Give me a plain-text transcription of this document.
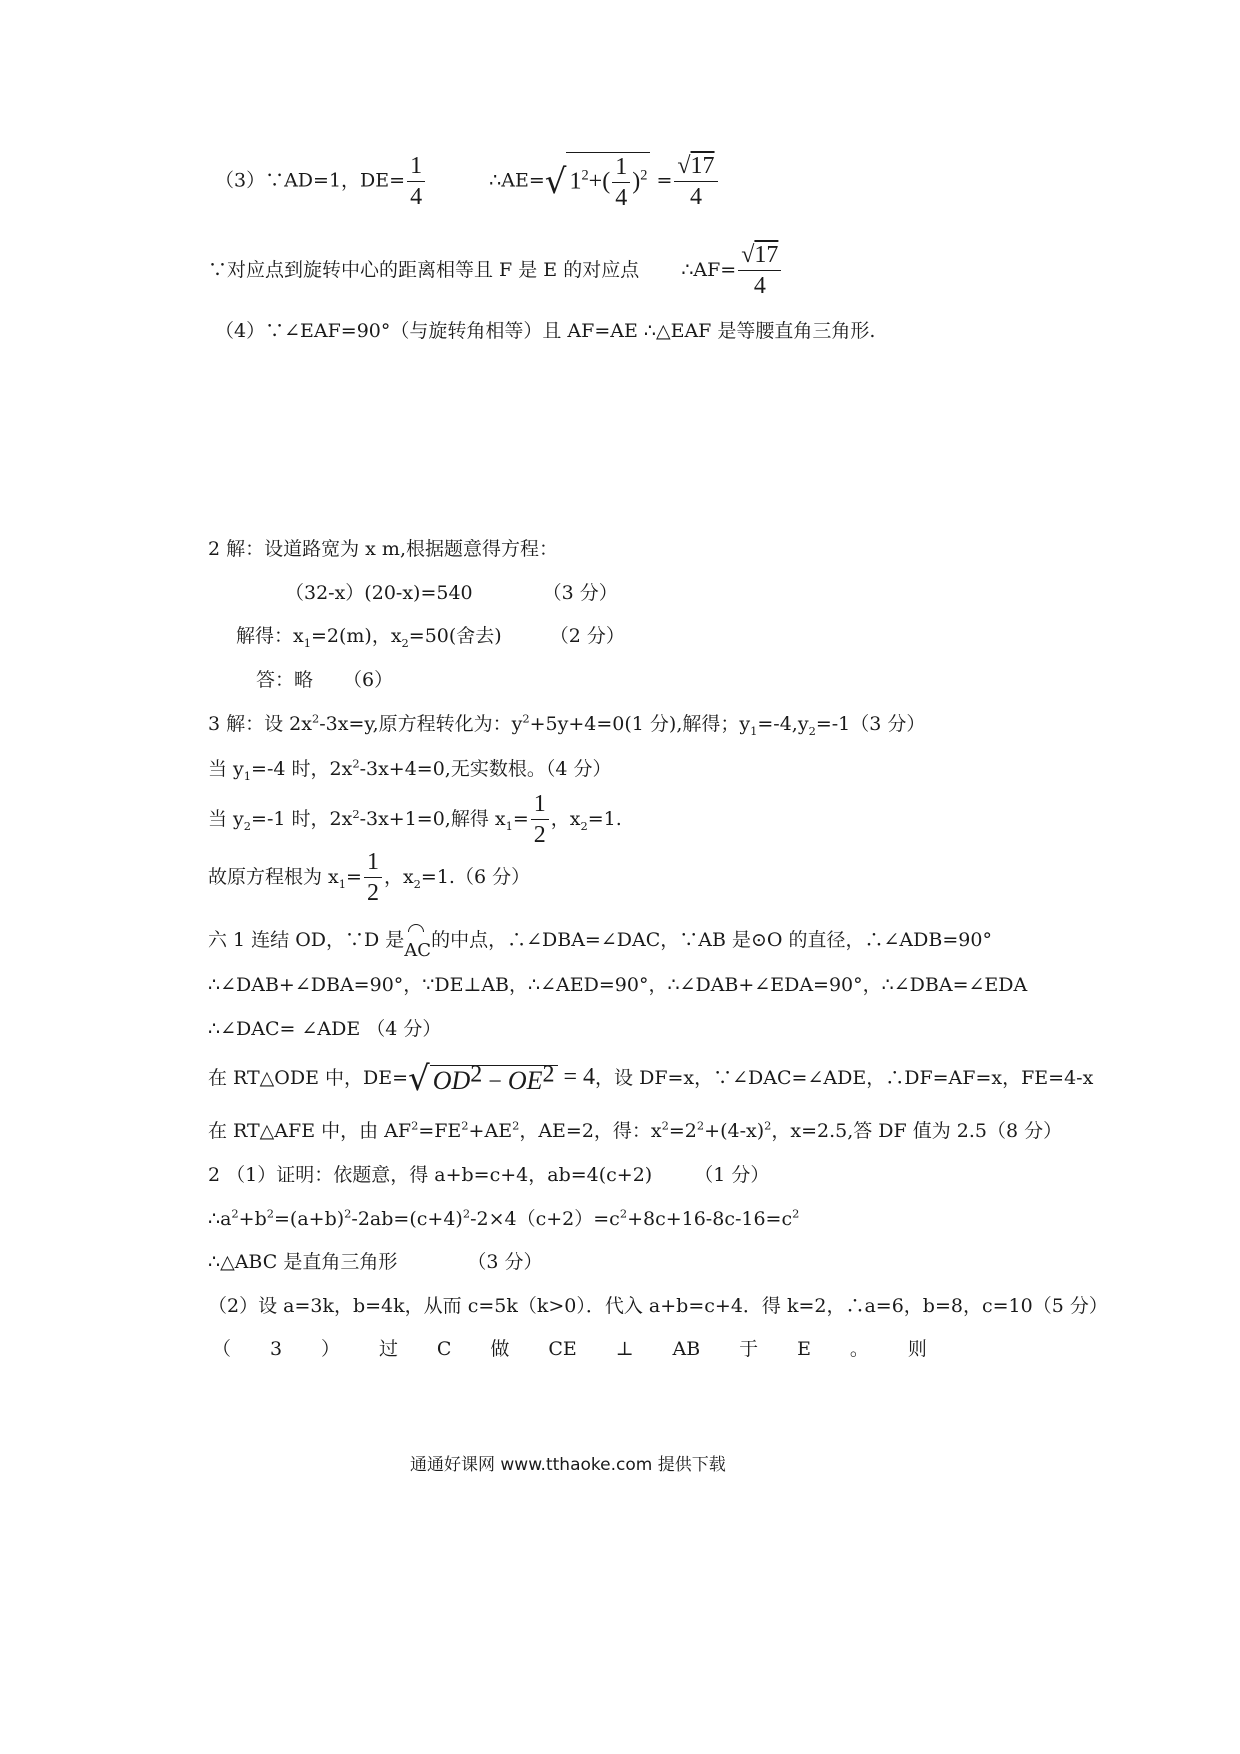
（3）∵AD=1，$DE= \frac{1}{4}$	∴AE=√ $1^2+( \frac{1}{4} )^2 = \frac{√17}{4}$
∵对应点到旋转中心的距离相等且 F 是 E 的对应点 ∴AF= $\frac{√17}{4}$
（4）∵∠EAF=90°（与旋转角相等）且 AF=AE ∴△EAF 是等腰直角三角形.
2 解：设道路宽为 x m,根据题意得方程：
（32-x）(20-x)=540	（3 分）
解得：$x_1=2(m)$，$x_2=50$(舍去)	（2 分）
答：略 （6）
3 解：设 $2x^2-3x=y$,原方程转化为：$y^2+5y+4=0(1$ 分),解得；$y_1=-4,y_2=-1(3$ 分）
当 $y_1=-4$ 时，$2x^2-3x+4=0$,无实数根。（4 分）
当 $y_2=-1$ 时，$2x^2-3x+1=0$,解得 $x_1= \frac{1}{2}$ ，$x_2=1$.
故原方程根为 $x_1= \frac{1}{2}$ ，$x_2=1.(6$ 分）
六 1 连结 OD，∵D 是AC的中点，∴∠DBA=∠DAC，∵AB 是⊙O 的直径，∴∠ADB=90°
∴∠DAB+∠DBA=90°，∵DE⊥AB，∴∠AED=90°，∴∠DAB+∠EDA=90°，∴∠DBA=∠EDA
∴∠DAC= ∠ADE （4 分）
在 RT△ODE 中，DE=√ $OD^2 - OE^2 = 4$，设 DF=x，∵∠DAC=∠ADE，∴DF=AF=x，FE=4-x
在 RT△AFE 中，由 $AF^2=FE^2+AE^2$，AE=2，得：$x^2=2^2+(4-x)^2$，x=2.5,答 DF 值为 2.5（8 分）
2 （1）证明：依题意，得 a+b=c+4，ab=4(c+2) （1 分）
$\therefore a^2+b^2=(a+b)^2-2ab=(c+4)^2-2\times 4(c+2)=c^2+8c+16-8c-16=c^2$
∴△ABC 是直角三角形	（3 分）
（2）设 a=3k，b=4k，从而 c=5k（k>0）．代入 a+b=c+4．得 k=2，∴a=6，b=8，c=10（5 分）
（ 3 ） 过 C 做 CE ⊥ AB 于 E 。 则
通通好课网 www.tthaoke.com 提供下载
